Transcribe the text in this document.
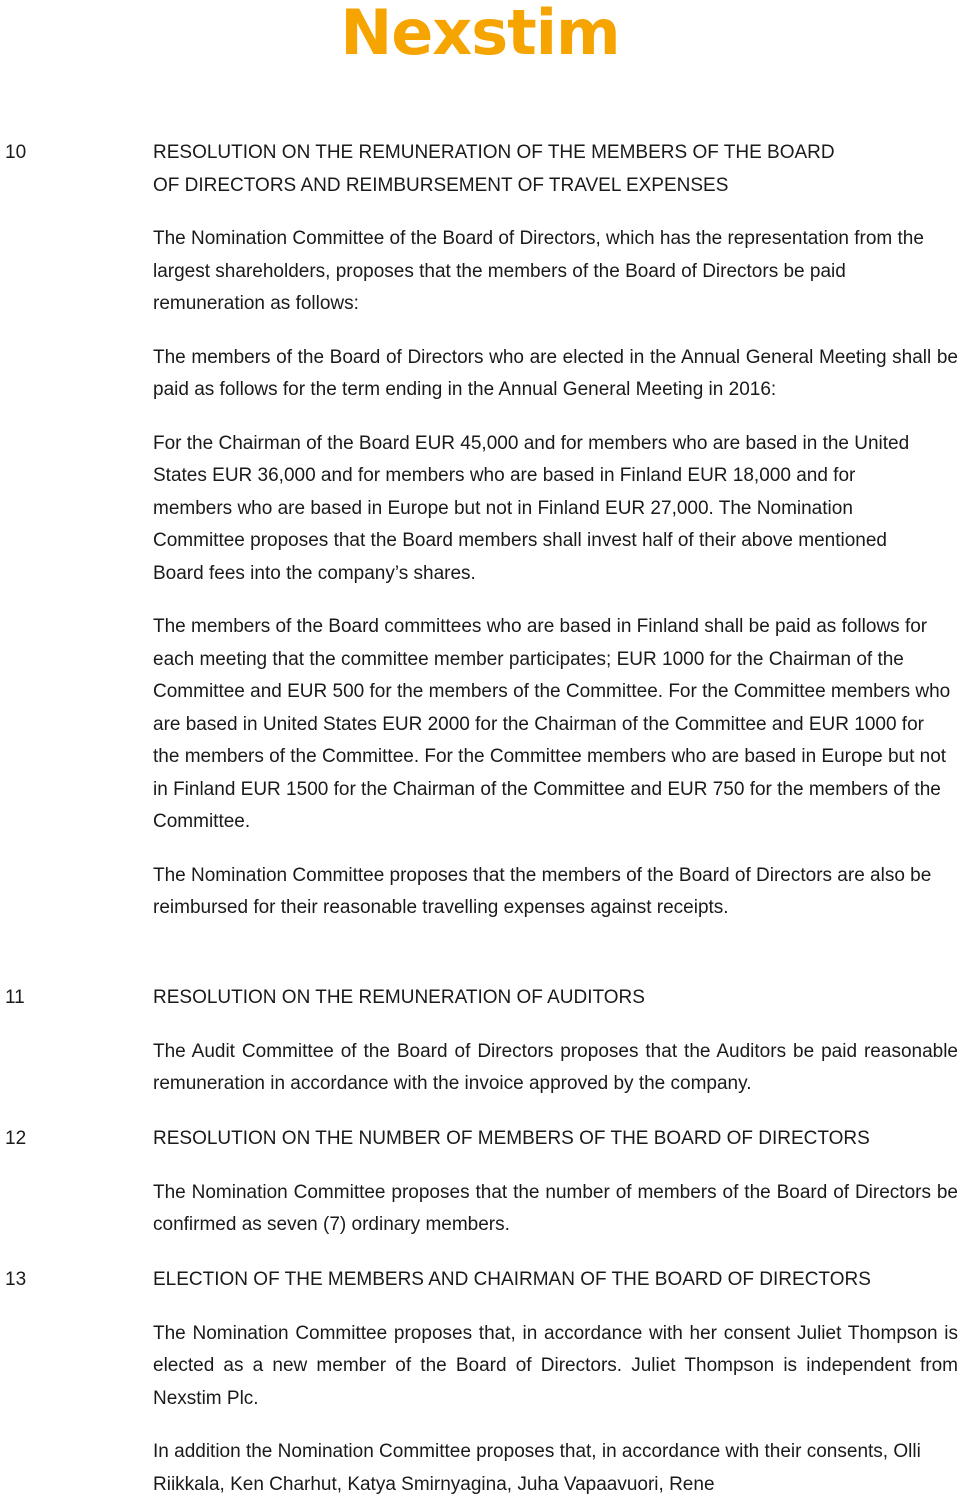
Nexstim
10	RESOLUTION ON THE REMUNERATION OF THE MEMBERS OF THE BOARD OF DIRECTORS AND REIMBURSEMENT OF TRAVEL EXPENSES

The Nomination Committee of the Board of Directors, which has the representation from the largest shareholders, proposes that the members of the Board of Directors be paid remuneration as follows:

The members of the Board of Directors who are elected in the Annual General Meeting shall be paid as follows for the term ending in the Annual General Meeting in 2016:

For the Chairman of the Board EUR 45,000 and for members who are based in the United States EUR 36,000 and for members who are based in Finland EUR 18,000 and for members who are based in Europe but not in Finland EUR 27,000. The Nomination Committee proposes that the Board members shall invest half of their above mentioned Board fees into the company’s shares.

The members of the Board committees who are based in Finland shall be paid as follows for each meeting that the committee member participates; EUR 1000 for the Chairman of the Committee and EUR 500 for the members of the Committee. For the Committee members who are based in United States EUR 2000 for the Chairman of the Committee and EUR 1000 for the members of the Committee. For the Committee members who are based in Europe but not in Finland EUR 1500 for the Chairman of the Committee and EUR 750 for the members of the Committee.

The Nomination Committee proposes that the members of the Board of Directors are also be reimbursed for their reasonable travelling expenses against receipts.

11	RESOLUTION ON THE REMUNERATION OF AUDITORS

The Audit Committee of the Board of Directors proposes that the Auditors be paid reasonable remuneration in accordance with the invoice approved by the company.

12	RESOLUTION ON THE NUMBER OF MEMBERS OF THE BOARD OF DIRECTORS

The Nomination Committee proposes that the number of members of the Board of Directors be confirmed as seven (7) ordinary members.

13	ELECTION OF THE MEMBERS AND CHAIRMAN OF THE BOARD OF DIRECTORS

The Nomination Committee proposes that, in accordance with her consent Juliet Thompson is elected as a new member of the Board of Directors. Juliet Thompson is independent from Nexstim Plc.

In addition the Nomination Committee proposes that, in accordance with their consents, Olli Riikkala, Ken Charhut, Katya Smirnyagina, Juha Vapaavuori, Rene
